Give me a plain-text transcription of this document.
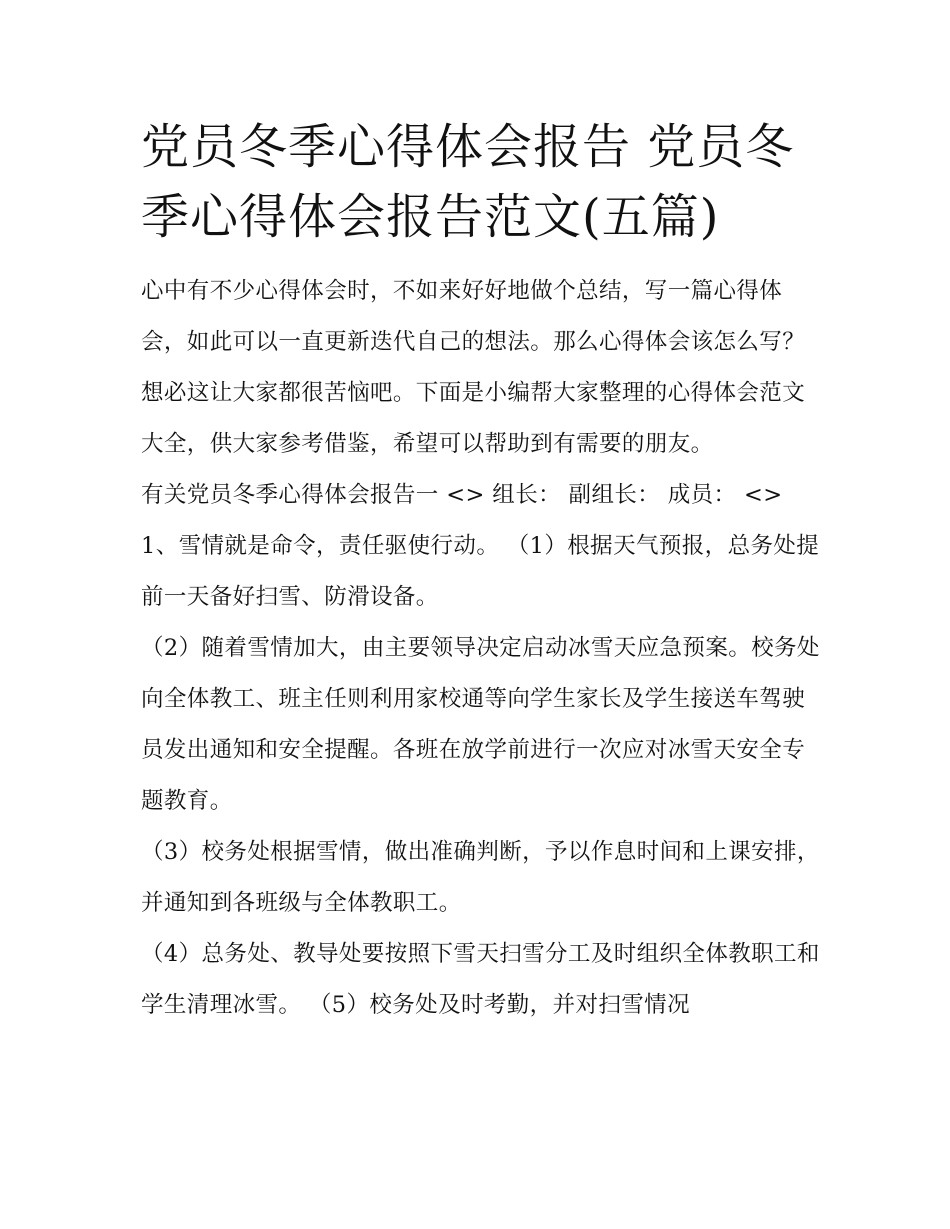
党员冬季心得体会报告 党员冬季心得体会报告范文(五篇)

心中有不少心得体会时，不如来好好地做个总结，写一篇心得体会，如此可以一直更新迭代自己的想法。那么心得体会该怎么写？想必这让大家都很苦恼吧。下面是小编帮大家整理的心得体会范文大全，供大家参考借鉴，希望可以帮助到有需要的朋友。

有关党员冬季心得体会报告一 <> 组长： 副组长： 成员： <>

1、雪情就是命令，责任驱使行动。 （1）根据天气预报，总务处提前一天备好扫雪、防滑设备。

（2）随着雪情加大，由主要领导决定启动冰雪天应急预案。校务处向全体教工、班主任则利用家校通等向学生家长及学生接送车驾驶员发出通知和安全提醒。各班在放学前进行一次应对冰雪天安全专题教育。

（3）校务处根据雪情，做出准确判断，予以作息时间和上课安排，并通知到各班级与全体教职工。

（4）总务处、教导处要按照下雪天扫雪分工及时组织全体教职工和学生清理冰雪。 （5）校务处及时考勤，并对扫雪情况
